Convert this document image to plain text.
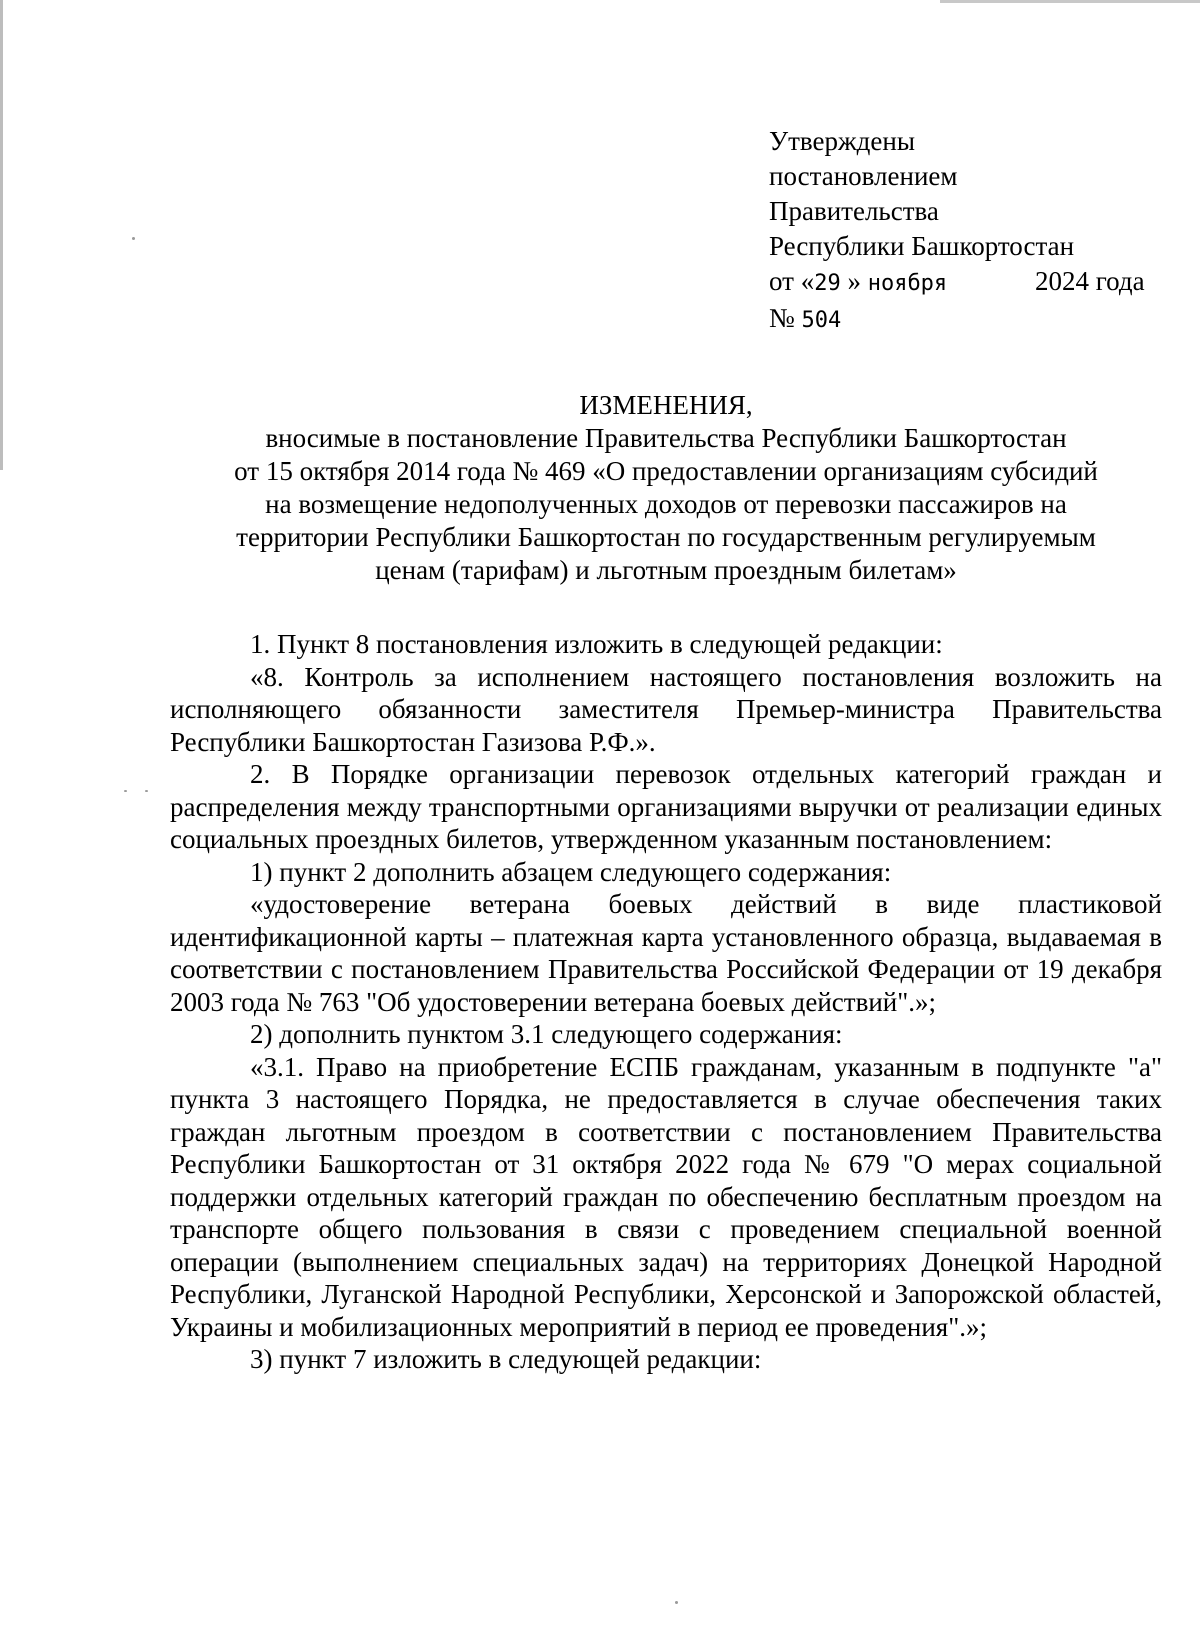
Утверждены
постановлением
Правительства
Республики Башкортостан
от «29 » ноября	2024 года
№ 504
ИЗМЕНЕНИЯ,
вносимые в постановление Правительства Республики Башкортостан
от 15 октября 2014 года № 469 «О предоставлении организациям субсидий
на возмещение недополученных доходов от перевозки пассажиров на
территории Республики Башкортостан по государственным регулируемым
ценам (тарифам) и льготным проездным билетам»

1. Пункт 8 постановления изложить в следующей редакции:

«8. Контроль за исполнением настоящего постановления возложить на исполняющего обязанности заместителя Премьер-министра Правительства Республики Башкортостан Газизова Р.Ф.».

2. В Порядке организации перевозок отдельных категорий граждан и распределения между транспортными организациями выручки от реализации единых социальных проездных билетов, утвержденном указанным постановлением:

1) пункт 2 дополнить абзацем следующего содержания:

«удостоверение ветерана боевых действий в виде пластиковой идентификационной карты – платежная карта установленного образца, выдаваемая в соответствии с постановлением Правительства Российской Федерации от 19 декабря 2003 года № 763 "Об удостоверении ветерана боевых действий".»;

2) дополнить пунктом 3.1 следующего содержания:

«3.1. Право на приобретение ЕСПБ гражданам, указанным в подпункте "а" пункта 3 настоящего Порядка, не предоставляется в случае обеспечения таких граждан льготным проездом в соответствии с постановлением Правительства Республики Башкортостан от 31 октября 2022 года № 679 "О мерах социальной поддержки отдельных категорий граждан по обеспечению бесплатным проездом на транспорте общего пользования в связи с проведением специальной военной операции (выполнением специальных задач) на территориях Донецкой Народной Республики, Луганской Народной Республики, Херсонской и Запорожской областей, Украины и мобилизационных мероприятий в период ее проведения".»;

3) пункт 7 изложить в следующей редакции:
